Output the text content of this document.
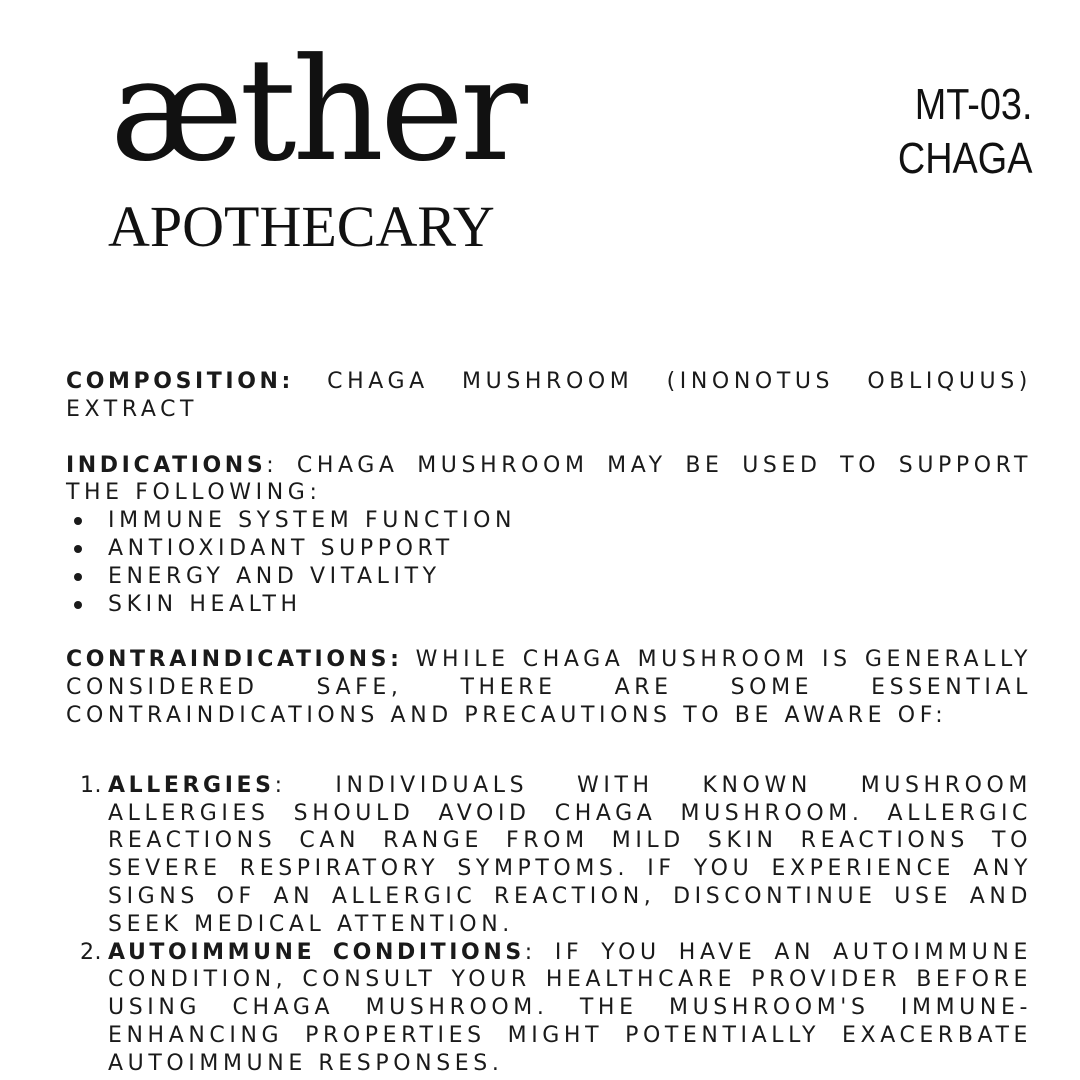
æther
APOTHECARY
MT-03.
CHAGA

COMPOSITION: CHAGA MUSHROOM (INONOTUS OBLIQUUS) EXTRACT

INDICATIONS: CHAGA MUSHROOM MAY BE USED TO SUPPORT THE FOLLOWING:

IMMUNE SYSTEM FUNCTION
ANTIOXIDANT SUPPORT
ENERGY AND VITALITY
SKIN HEALTH

CONTRAINDICATIONS: WHILE CHAGA MUSHROOM IS GENERALLY CONSIDERED SAFE, THERE ARE SOME ESSENTIAL CONTRAINDICATIONS AND PRECAUTIONS TO BE AWARE OF:

1. ALLERGIES: INDIVIDUALS WITH KNOWN MUSHROOM ALLERGIES SHOULD AVOID CHAGA MUSHROOM. ALLERGIC REACTIONS CAN RANGE FROM MILD SKIN REACTIONS TO SEVERE RESPIRATORY SYMPTOMS. IF YOU EXPERIENCE ANY SIGNS OF AN ALLERGIC REACTION, DISCONTINUE USE AND SEEK MEDICAL ATTENTION.
2. AUTOIMMUNE CONDITIONS: IF YOU HAVE AN AUTOIMMUNE CONDITION, CONSULT YOUR HEALTHCARE PROVIDER BEFORE USING CHAGA MUSHROOM. THE MUSHROOM'S IMMUNE-ENHANCING PROPERTIES MIGHT POTENTIALLY EXACERBATE AUTOIMMUNE RESPONSES.
